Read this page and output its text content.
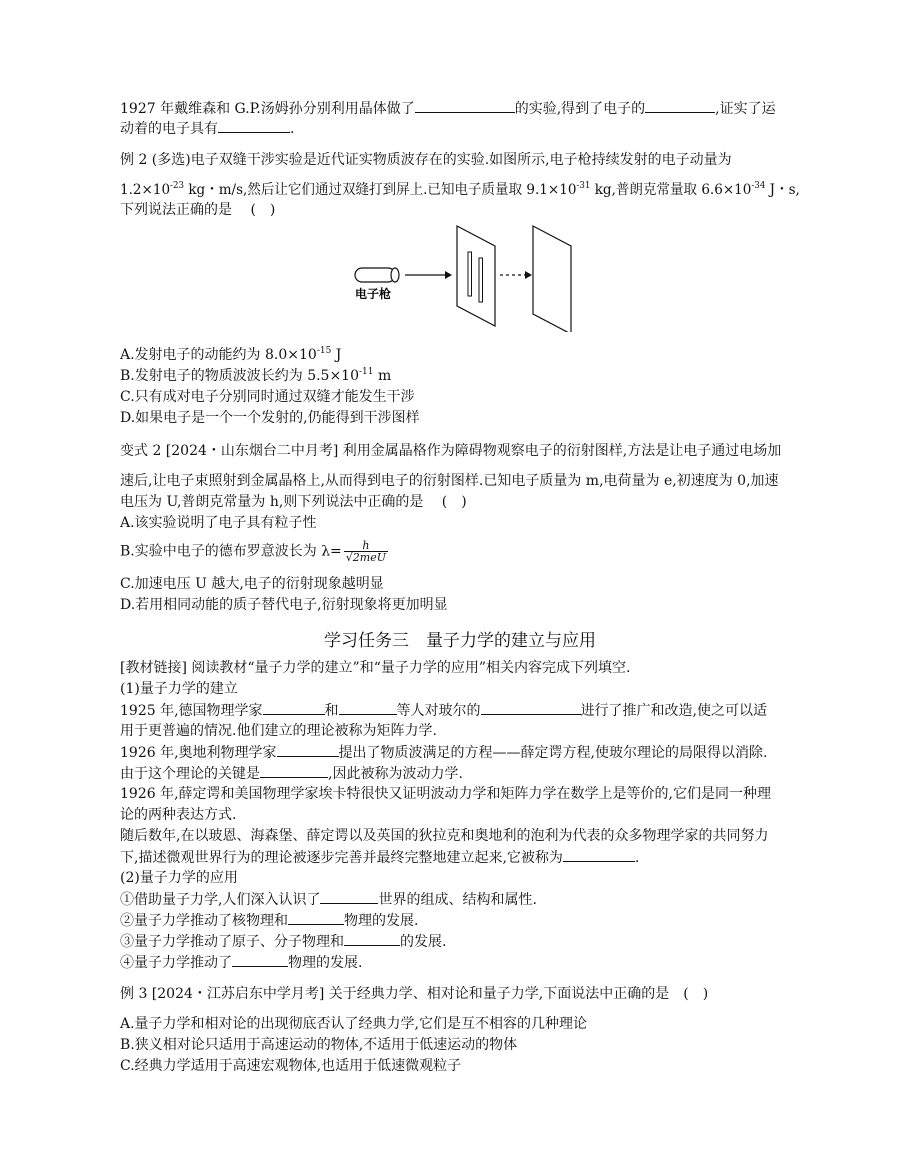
1927 年戴维森和 G.P.汤姆孙分别利用晶体做了	的实验,得到了电子的	,证实了运
动着的电子具有	.
例 2 (多选)电子双缝干涉实验是近代证实物质波存在的实验.如图所示,电子枪持续发射的电子动量为
$1.2\times 10^{-23}$ kg・m/s,然后让它们通过双缝打到屏上.已知电子质量取 $9.1\times 10^{-31}$ kg,普朗克常量取 $6.6\times 10^{-34}$ J・s,
下列说法正确的是　 (　)
电子枪
A.发射电子的动能约为 $8.0\times 10^{-15}$ J
B.发射电子的物质波波长约为 $5.5\times 10^{-11}$ m
C.只有成对电子分别同时通过双缝才能发生干涉
D.如果电子是一个一个发射的,仍能得到干涉图样
变式 2 [2024・山东烟台二中月考] 利用金属晶格作为障碍物观察电子的衍射图样,方法是让电子通过电场加
速后,让电子束照射到金属晶格上,从而得到电子的衍射图样.已知电子质量为 m,电荷量为 e,初速度为 0,加速
电压为 U,普朗克常量为 h,则下列说法中正确的是　 (　)
A.该实验说明了电子具有粒子性
B.实验中电子的德布罗意波长为 $\lambda= \frac{h}{\text{√2meU}}$
C.加速电压 U 越大,电子的衍射现象越明显
D.若用相同动能的质子替代电子,衍射现象将更加明显
学习任务三　量子力学的建立与应用
[教材链接] 阅读教材“量子力学的建立”和“量子力学的应用”相关内容完成下列填空.
(1)量子力学的建立
1925 年,德国物理学家	和	等人对玻尔的	进行了推广和改造,使之可以适
用于更普遍的情况.他们建立的理论被称为矩阵力学.
1926 年,奥地利物理学家	提出了物质波满足的方程——薛定谔方程,使玻尔理论的局限得以消除.
由于这个理论的关键是	,因此被称为波动力学.
1926 年,薛定谔和美国物理学家埃卡特很快又证明波动力学和矩阵力学在数学上是等价的,它们是同一种理
论的两种表达方式.
随后数年,在以玻恩、海森堡、薛定谔以及英国的狄拉克和奥地利的泡利为代表的众多物理学家的共同努力
下,描述微观世界行为的理论被逐步完善并最终完整地建立起来,它被称为	.
(2)量子力学的应用
①借助量子力学,人们深入认识了	世界的组成、结构和属性.
②量子力学推动了核物理和	物理的发展.
③量子力学推动了原子、分子物理和	的发展.
④量子力学推动了	物理的发展.
例 3 [2024・江苏启东中学月考] 关于经典力学、相对论和量子力学,下面说法中正确的是　(　)
A.量子力学和相对论的出现彻底否认了经典力学,它们是互不相容的几种理论
B.狭义相对论只适用于高速运动的物体,不适用于低速运动的物体
C.经典力学适用于高速宏观物体,也适用于低速微观粒子
